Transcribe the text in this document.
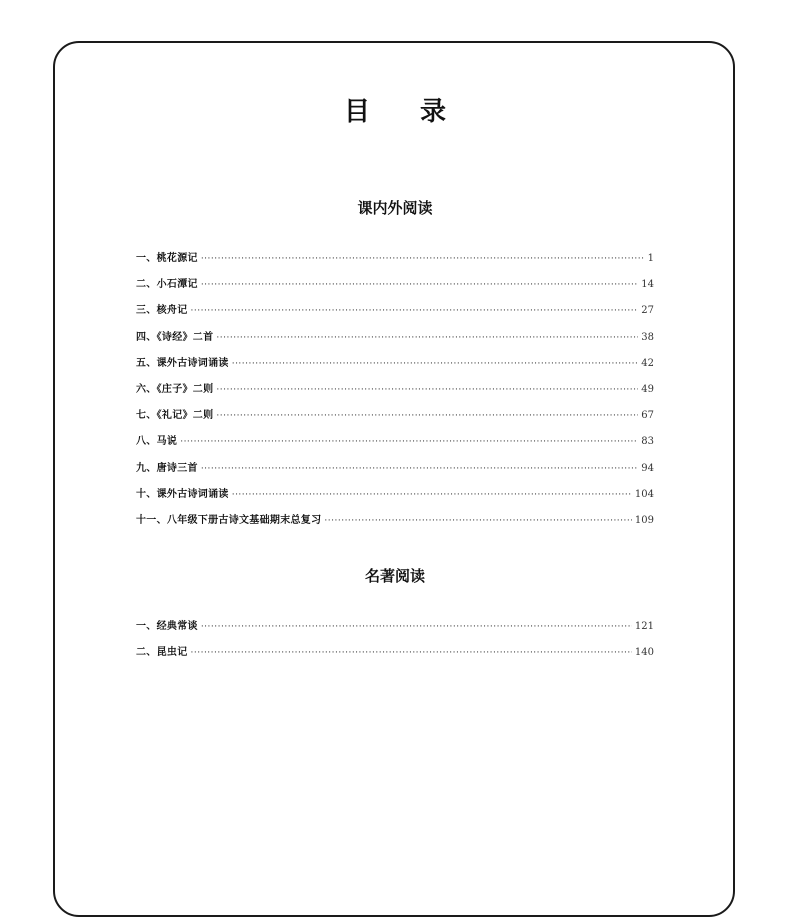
目 录
课内外阅读
一、桃花源记 ·····	1
二、小石潭记 ·····	14
三、核舟记 ·····	27
四、《诗经》二首 ·····	38
五、课外古诗词诵读 ·····	42
六、《庄子》二则 ·····	49
七、《礼记》二则 ·····	67
八、马说 ·····	83
九、唐诗三首 ·····	94
十、课外古诗词诵读 ·····	104
十一、八年级下册古诗文基础期末总复习 ·····	109
名著阅读
一、经典常谈 ·····	121
二、昆虫记 ·····	140
